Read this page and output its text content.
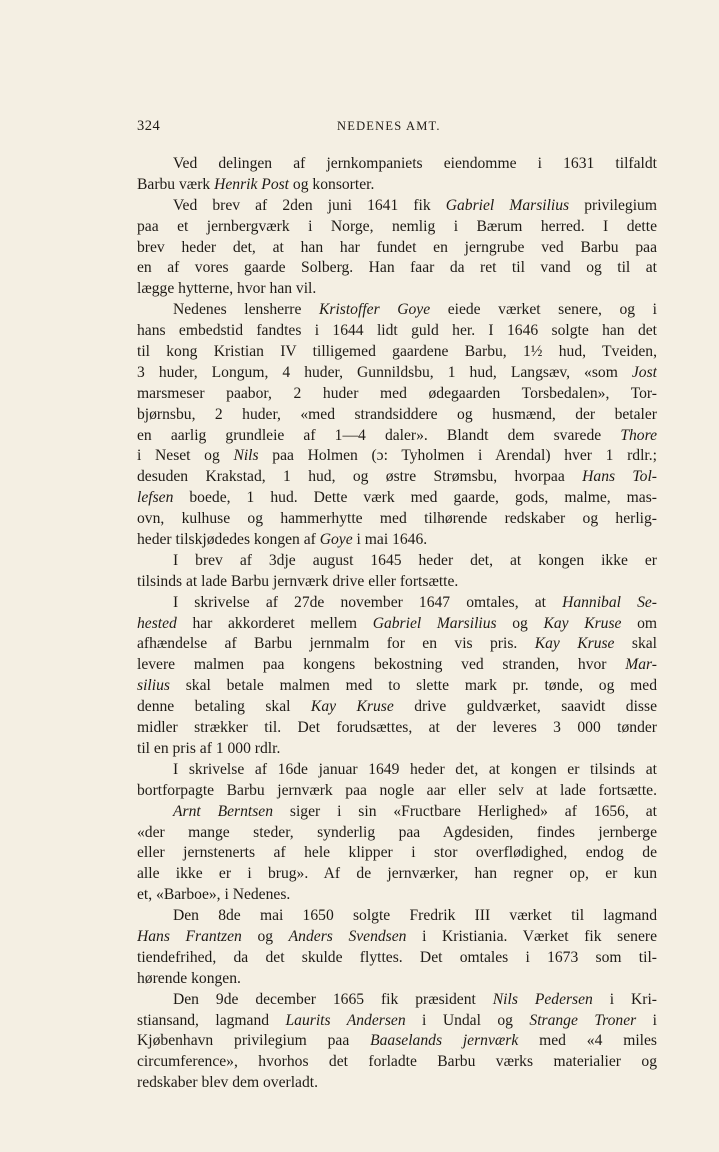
324	NEDENES AMT.
Ved delingen af jernkompaniets eiendomme i 1631 tilfaldt
Barbu værk Henrik Post og konsorter.
Ved brev af 2den juni 1641 fik Gabriel Marsilius privilegium
paa et jernbergværk i Norge, nemlig i Bærum herred. I dette
brev heder det, at han har fundet en jerngrube ved Barbu paa
en af vores gaarde Solberg. Han faar da ret til vand og til at
lægge hytterne, hvor han vil.
Nedenes lensherre Kristoffer Goye eiede værket senere, og i
hans embedstid fandtes i 1644 lidt guld her. I 1646 solgte han det
til kong Kristian IV tilligemed gaardene Barbu, 1½ hud, Tveiden,
3 huder, Longum, 4 huder, Gunnildsbu, 1 hud, Langsæv, «som Jost
marsmeser paabor, 2 huder med ødegaarden Torsbedalen», Tor-
bjørnsbu, 2 huder, «med strandsiddere og husmænd, der betaler
en aarlig grundleie af 1—4 daler». Blandt dem svarede Thore
i Neset og Nils paa Holmen (ɔ: Tyholmen i Arendal) hver 1 rdlr.;
desuden Krakstad, 1 hud, og østre Strømsbu, hvorpaa Hans Tol-
lefsen boede, 1 hud. Dette værk med gaarde, gods, malme, mas-
ovn, kulhuse og hammerhytte med tilhørende redskaber og herlig-
heder tilskjødedes kongen af Goye i mai 1646.
I brev af 3dje august 1645 heder det, at kongen ikke er
tilsinds at lade Barbu jernværk drive eller fortsætte.
I skrivelse af 27de november 1647 omtales, at Hannibal Se-
hested har akkorderet mellem Gabriel Marsilius og Kay Kruse om
afhændelse af Barbu jernmalm for en vis pris. Kay Kruse skal
levere malmen paa kongens bekostning ved stranden, hvor Mar-
silius skal betale malmen med to slette mark pr. tønde, og med
denne betaling skal Kay Kruse drive guldværket, saavidt disse
midler strækker til. Det forudsættes, at der leveres 3 000 tønder
til en pris af 1 000 rdlr.
I skrivelse af 16de januar 1649 heder det, at kongen er tilsinds at
bortforpagte Barbu jernværk paa nogle aar eller selv at lade fortsætte.
Arnt Berntsen siger i sin «Fructbare Herlighed» af 1656, at
«der mange steder, synderlig paa Agdesiden, findes jernberge
eller jernstenerts af hele klipper i stor overflødighed, endog de
alle ikke er i brug». Af de jernværker, han regner op, er kun
et, «Barboe», i Nedenes.
Den 8de mai 1650 solgte Fredrik III værket til lagmand
Hans Frantzen og Anders Svendsen i Kristiania. Værket fik senere
tiendefrihed, da det skulde flyttes. Det omtales i 1673 som til-
hørende kongen.
Den 9de december 1665 fik præsident Nils Pedersen i Kri-
stiansand, lagmand Laurits Andersen i Undal og Strange Troner i
Kjøbenhavn privilegium paa Baaselands jernværk med «4 miles
circumference», hvorhos det forladte Barbu værks materialier og
redskaber blev dem overladt.
